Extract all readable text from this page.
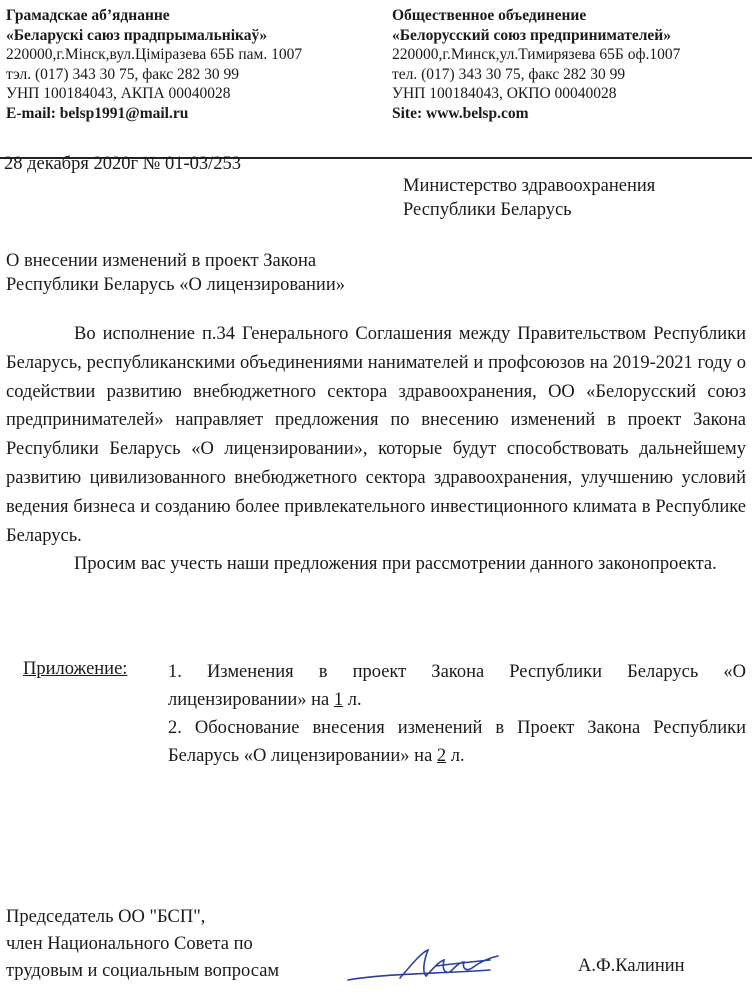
Грамадскае аб’яднанне
«Беларускі саюз прадпрымальнікаў»
220000,г.Мінск,вул.Ціміразева 65Б пам. 1007
тэл. (017) 343 30 75, факс 282 30 99
УНП 100184043, АКПА 00040028
E-mail: belsp1991@mail.ru
Общественное объединение
«Белорусский союз предпринимателей»
220000,г.Минск,ул.Тимирязева 65Б оф.1007
тел. (017) 343 30 75, факс 282 30 99
УНП 100184043, ОКПО 00040028
Site: www.belsp.com
28 декабря 2020г № 01-03/253
Министерство здравоохранения
Республики Беларусь
О внесении изменений в проект Закона
Республики Беларусь «О лицензировании»

Во исполнение п.34 Генерального Соглашения между Правительством Республики Беларусь, республиканскими объединениями нанимателей и профсоюзов на 2019-2021 году о содействии развитию внебюджетного сектора здравоохранения, ОО «Белорусский союз предпринимателей» направляет предложения по внесению изменений в проект Закона Республики Беларусь «О лицензировании», которые будут способствовать дальнейшему развитию цивилизованного внебюджетного сектора здравоохранения, улучшению условий ведения бизнеса и созданию более привлекательного инвестиционного климата в Республике Беларусь.

Просим вас учесть наши предложения при рассмотрении данного законопроекта.

Приложение: 1. Изменения в проект Закона Республики Беларусь «О лицензировании» на 1 л.

2. Обоснование внесения изменений в Проект Закона Республики Беларусь «О лицензировании» на 2 л.

Председатель ОО "БСП",
член Национального Совета по
трудовым и социальным вопросам	А.Ф.Калинин
